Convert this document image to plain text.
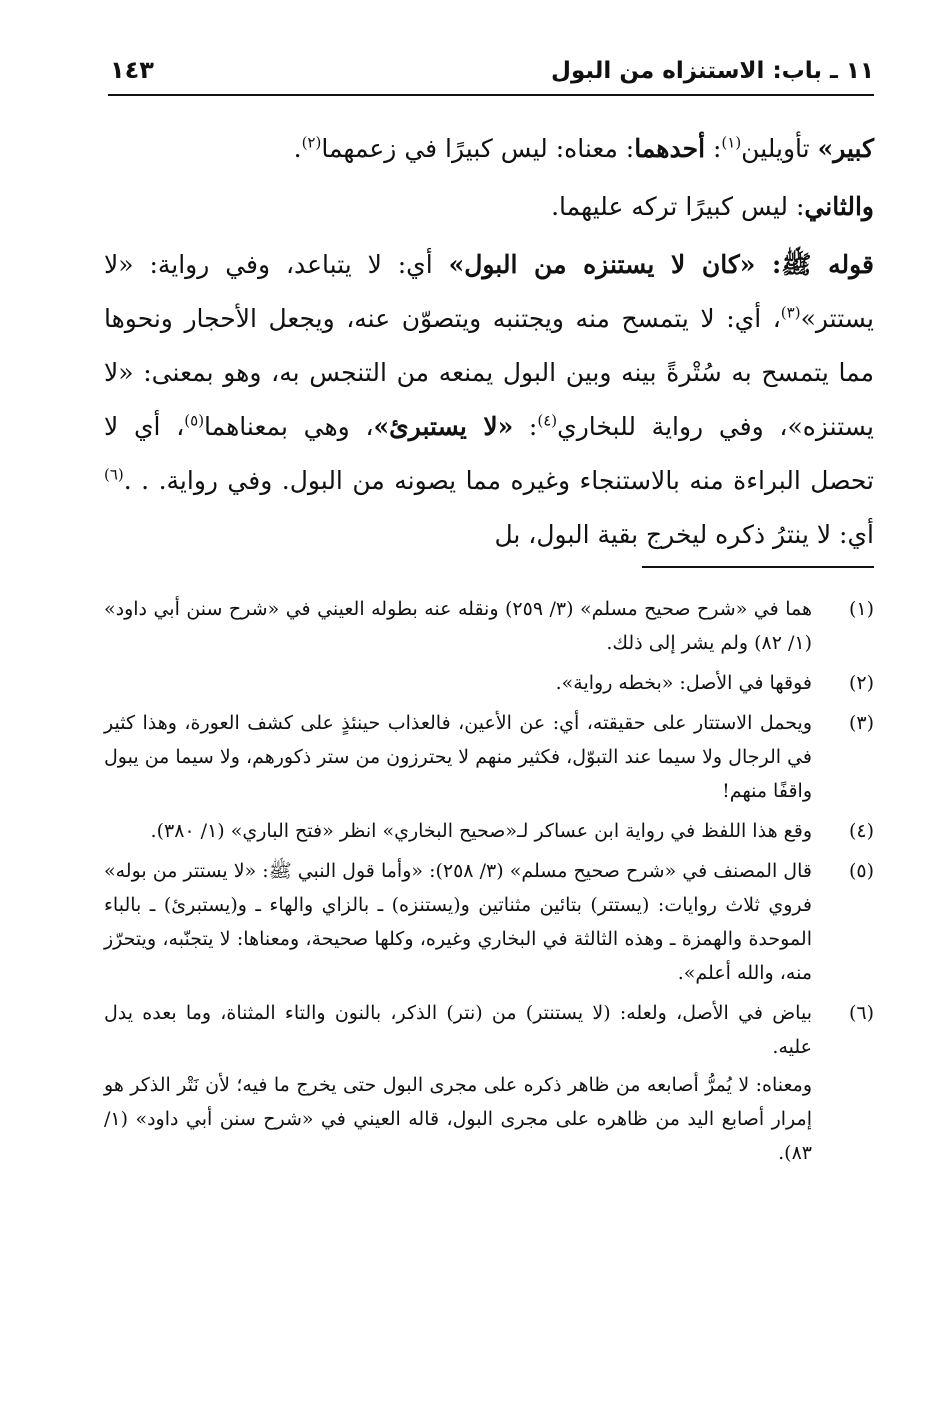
١١ ـ باب: الاستنزاه من البول
١٤٣

كبير» تأويلين$^{(١)}$: أحدهما: معناه: ليس كبيرًا في زعمهما$^{(٢)}$.

والثاني: ليس كبيرًا تركه عليهما.

قوله ﷺ: «كان لا يستنزه من البول» أي: لا يتباعد، وفي رواية: «لا يستتر»$^{(٣)}$، أي: لا يتمسح منه ويجتنبه ويتصوّن عنه، ويجعل الأحجار ونحوها مما يتمسح به سُتْرةً بينه وبين البول يمنعه من التنجس به، وهو بمعنى: «لا يستنزه»، وفي رواية للبخاري$^{(٤)}$: «لا يستبرئ»، وهي بمعناهما$^{(٥)}$، أي لا تحصل البراءة منه بالاستنجاء وغيره مما يصونه من البول. وفي رواية. . .$^{(٦)}$ أي: لا ينترُ ذكره ليخرج بقية البول، بل

(١)

هما في «شرح صحيح مسلم» (٣/ ٢٥٩) ونقله عنه بطوله العيني في «شرح سنن أبي داود» (١/ ٨٢) ولم يشر إلى ذلك.

(٢)

فوقها في الأصل: «بخطه رواية».

(٣)

ويحمل الاستتار على حقيقته، أي: عن الأعين، فالعذاب حينئذٍ على كشف العورة، وهذا كثير في الرجال ولا سيما عند التبوّل، فكثير منهم لا يحترزون من ستر ذكورهم، ولا سيما من يبول واقفًا منهم!

(٤)

وقع هذا اللفظ في رواية ابن عساكر لـ«صحيح البخاري» انظر «فتح الباري» (١/ ٣٨٠).

(٥)

قال المصنف في «شرح صحيح مسلم» (٣/ ٢٥٨): «وأما قول النبي ﷺ: «لا يستتر من بوله» فروي ثلاث روايات: (يستتر) بتائين مثناتين و(يستنزه) ـ بالزاي والهاء ـ و(يستبرئ) ـ بالباء الموحدة والهمزة ـ وهذه الثالثة في البخاري وغيره، وكلها صحيحة، ومعناها: لا يتجنّبه، ويتحرّز منه، والله أعلم».

(٦)

بياض في الأصل، ولعله: (لا يستنتر) من (نتر) الذكر، بالنون والتاء المثناة، وما بعده يدل عليه.

ومعناه: لا يُمرُّ أصابعه من ظاهر ذكره على مجرى البول حتى يخرج ما فيه؛ لأن نَتْر الذكر هو إمرار أصابع اليد من ظاهره على مجرى البول، قاله العيني في «شرح سنن أبي داود» (١/ ٨٣).
